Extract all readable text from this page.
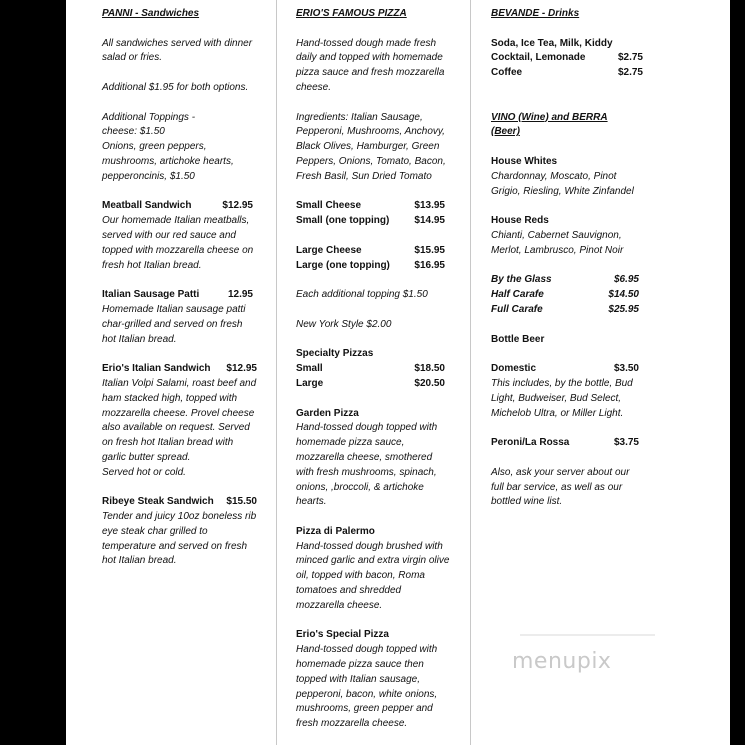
PANNI - Sandwiches

All sandwiches served with dinner salad or fries.

Additional $1.95 for both options.

Additional Toppings -

cheese: $1.50

Onions, green peppers, mushrooms, artichoke hearts, pepperoncinis, $1.50

Meatball Sandwich	$12.95

Our homemade Italian meatballs, served with our red sauce and topped with mozzarella cheese on fresh hot Italian bread.

Italian Sausage Patti	12.95

Homemade Italian sausage patti char-grilled and served on fresh hot Italian bread.

Erio's Italian Sandwich $12.95

Italian Volpi Salami, roast beef and ham stacked high, topped with mozzarella cheese. Provel cheese also available on request. Served on fresh hot Italian bread with garlic butter spread.

Served hot or cold.

Ribeye Steak Sandwich $15.50

Tender and juicy 10oz boneless rib eye steak char grilled to temperature and served on fresh hot Italian bread.

ERIO'S FAMOUS PIZZA

Hand-tossed dough made fresh daily and topped with homemade pizza sauce and fresh mozzarella cheese.

Ingredients: Italian Sausage, Pepperoni, Mushrooms, Anchovy, Black Olives, Hamburger, Green Peppers, Onions, Tomato, Bacon, Fresh Basil, Sun Dried Tomato

Small Cheese	$13.95
Small (one topping)	$14.95
Large Cheese	$15.95
Large (one topping) $16.95

Each additional topping $1.50

New York Style $2.00

Specialty Pizzas

Small	$18.50
Large	$20.50

Garden Pizza

Hand-tossed dough topped with homemade pizza sauce, mozzarella cheese, smothered with fresh mushrooms, spinach, onions, ,broccoli, & artichoke hearts.

Pizza di Palermo

Hand-tossed dough brushed with minced garlic and extra virgin olive oil, topped with bacon, Roma tomatoes and shredded mozzarella cheese.

Erio's Special Pizza

Hand-tossed dough topped with homemade pizza sauce then topped with Italian sausage, pepperoni, bacon, white onions, mushrooms, green pepper and fresh mozzarella cheese.

BEVANDE - Drinks

Soda, Ice Tea, Milk, Kiddy
Cocktail, Lemonade	$2.75
Coffee	$2.75

VINO (Wine) and BERRA

(Beer)

House Whites

Chardonnay, Moscato, Pinot Grigio, Riesling, White Zinfandel

House Reds

Chianti, Cabernet Sauvignon, Merlot, Lambrusco, Pinot Noir

By the Glass	$6.95
Half Carafe	$14.50
Full Carafe	$25.95

Bottle Beer

Domestic	$3.50

This includes, by the bottle, Bud Light, Budweiser, Bud Select, Michelob Ultra, or Miller Light.

Peroni/La Rossa	$3.75

Also, ask your server about our full bar service, as well as our bottled wine list.

menupix
